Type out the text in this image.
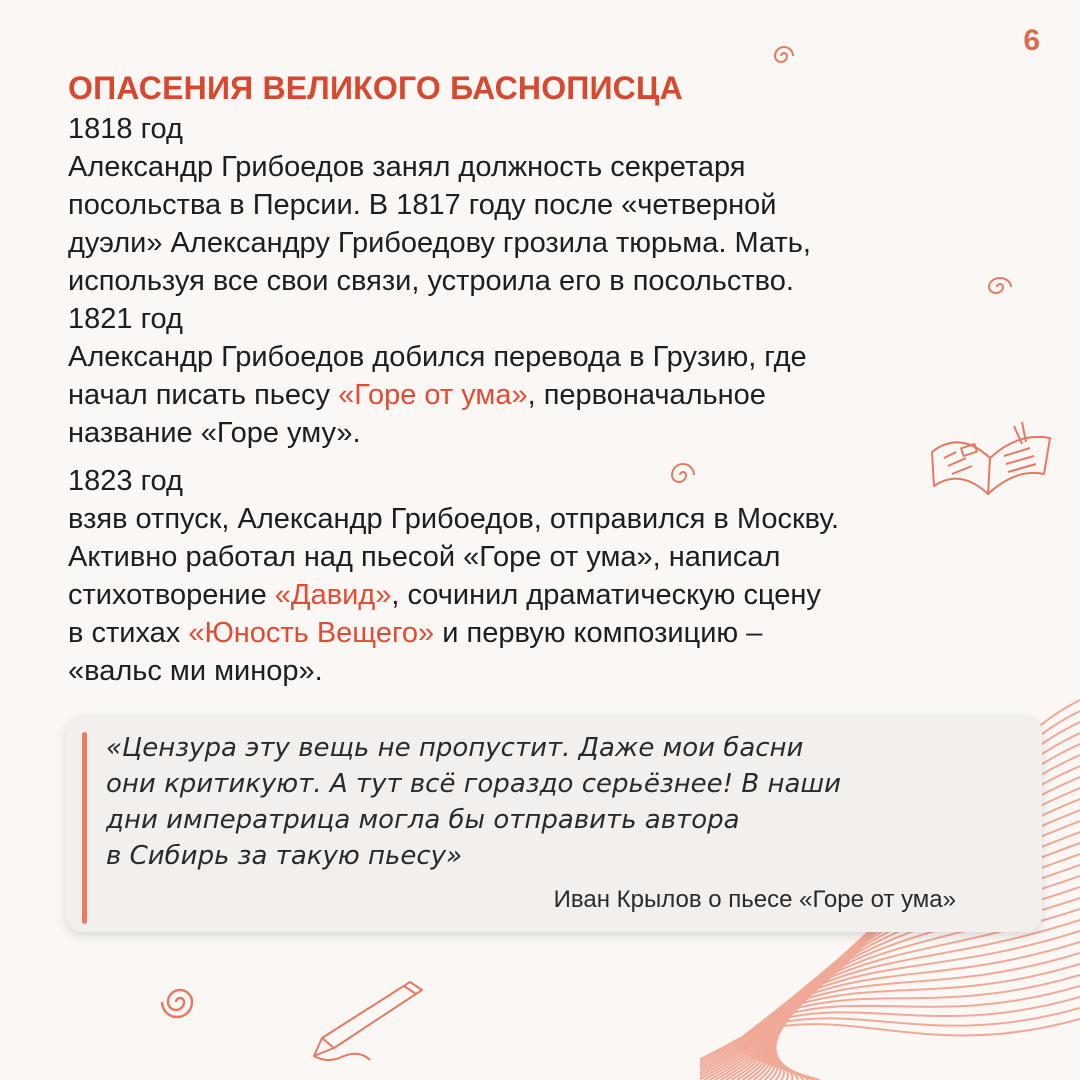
6
ОПАСЕНИЯ ВЕЛИКОГО БАСНОПИСЦА

1818 год

Александр Грибоедов занял должность секретаря

посольства в Персии. В 1817 году после «четверной

дуэли» Александру Грибоедову грозила тюрьма. Мать,

используя все свои связи, устроила его в посольство.

1821 год

Александр Грибоедов добился перевода в Грузию, где

начал писать пьесу «Горе от ума», первоначальное

название «Горе уму».

1823 год

взяв отпуск, Александр Грибоедов, отправился в Москву.

Активно работал над пьесой «Горе от ума», написал

стихотворение «Давид», сочинил драматическую сцену

в стихах «Юность Вещего» и первую композицию –

«вальс ми минор».

«Цензура эту вещь не пропустит. Даже мои басни
они критикуют. А тут всё гораздо серьёзнее! В наши
дни императрица могла бы отправить автора
в Сибирь за такую пьесу»
Иван Крылов о пьесе «Горе от ума»
